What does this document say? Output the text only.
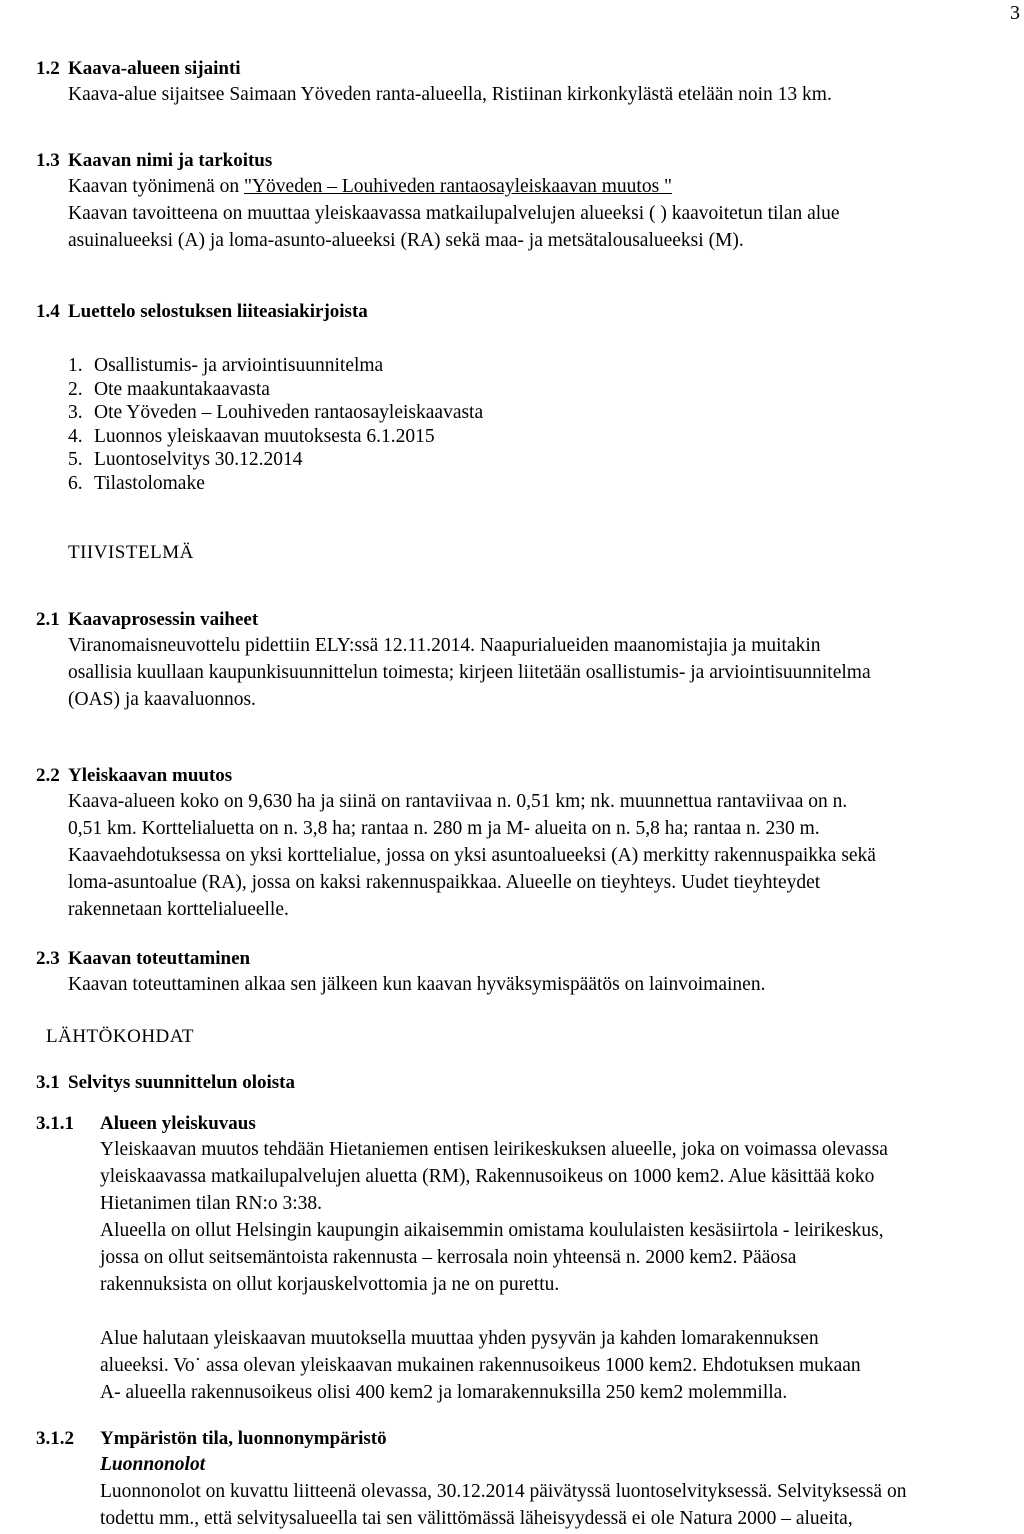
3
1.2 Kaava-alueen sijainti
Kaava-alue sijaitsee Saimaan Yöveden ranta-alueella, Ristiinan kirkonkylästä etelään noin 13 km.
1.3 Kaavan nimi ja tarkoitus
Kaavan työnimenä on "Yöveden – Louhiveden rantaosayleiskaavan muutos "
Kaavan tavoitteena on muuttaa yleiskaavassa matkailupalvelujen alueeksi ( ) kaavoitetun tilan alue
asuinalueeksi (A) ja loma-asunto-alueeksi (RA) sekä maa- ja metsätalousalueeksi (M).
1.4 Luettelo selostuksen liiteasiakirjoista
1. Osallistumis- ja arviointisuunnitelma
2. Ote maakuntakaavasta
3. Ote Yöveden – Louhiveden rantaosayleiskaavasta
4. Luonnos yleiskaavan muutoksesta 6.1.2015
5. Luontoselvitys 30.12.2014
6. Tilastolomake
TIIVISTELMÄ
2.1 Kaavaprosessin vaiheet
Viranomaisneuvottelu pidettiin ELY:ssä 12.11.2014. Naapurialueiden maanomistajia ja muitakin
osallisia kuullaan kaupunkisuunnittelun toimesta; kirjeen liitetään osallistumis- ja arviointisuunnitelma
(OAS) ja kaavaluonnos.
2.2 Yleiskaavan muutos
Kaava-alueen koko on 9,630 ha ja siinä on rantaviivaa n. 0,51 km; nk. muunnettua rantaviivaa on n.
0,51 km. Korttelialuetta on n. 3,8 ha; rantaa n. 280 m ja M- alueita on n. 5,8 ha; rantaa n. 230 m.
Kaavaehdotuksessa on yksi korttelialue, jossa on yksi asuntoalueeksi (A) merkitty rakennuspaikka sekä
loma-asuntoalue (RA), jossa on kaksi rakennuspaikkaa. Alueelle on tieyhteys. Uudet tieyhteydet
rakennetaan korttelialueelle.
2.3 Kaavan toteuttaminen
Kaavan toteuttaminen alkaa sen jälkeen kun kaavan hyväksymispäätös on lainvoimainen.
LÄHTÖKOHDAT
3.1 Selvitys suunnittelun oloista
3.1.1	Alueen yleiskuvaus
Yleiskaavan muutos tehdään Hietaniemen entisen leirikeskuksen alueelle, joka on voimassa olevassa
yleiskaavassa matkailupalvelujen aluetta (RM), Rakennusoikeus on 1000 kem2. Alue käsittää koko
Hietanimen tilan RN:o 3:38.
Alueella on ollut Helsingin kaupungin aikaisemmin omistama koululaisten kesäsiirtola - leirikeskus,
jossa on ollut seitsemäntoista rakennusta – kerrosala noin yhteensä n. 2000 kem2. Pääosa
rakennuksista on ollut korjauskelvottomia ja ne on purettu.
Alue halutaan yleiskaavan muutoksella muuttaa yhden pysyvän ja kahden lomarakennuksen
alueeksi. Vo˙ assa olevan yleiskaavan mukainen rakennusoikeus 1000 kem2. Ehdotuksen mukaan
A- alueella rakennusoikeus olisi 400 kem2 ja lomarakennuksilla 250 kem2 molemmilla.
3.1.2	Ympäristön tila, luonnonympäristö
Luonnonolot
Luonnonolot on kuvattu liitteenä olevassa, 30.12.2014 päivätyssä luontoselvityksessä. Selvityksessä on
todettu mm., että selvitysalueella tai sen välittömässä läheisyydessä ei ole Natura 2000 – alueita,
